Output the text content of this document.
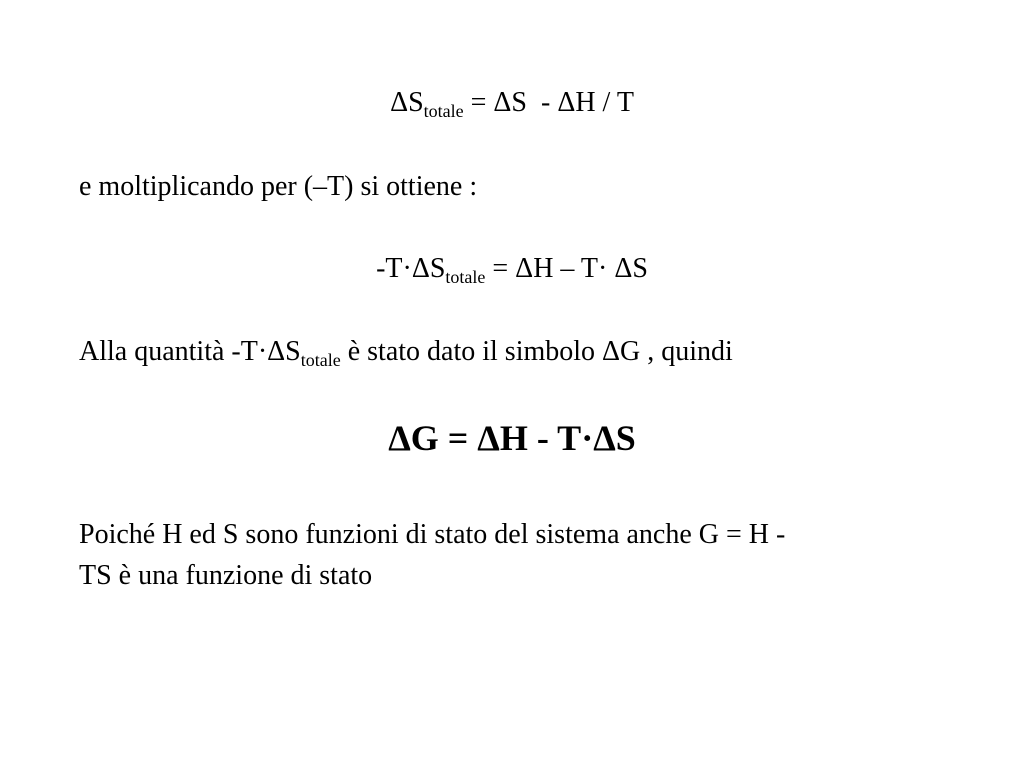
$\Delta S_{totale} = \Delta S - \Delta H / T$
e moltiplicando per (–T) si ottiene :
$-T\cdot\Delta S_{totale} = \Delta H - T\cdot \Delta S$
Alla quantità $-T\cdot\Delta S_{totale}$ è stato dato il simbolo ΔG , quindi
ΔG = ΔH - T·ΔS
Poiché H ed S sono funzioni di stato del sistema anche G = H -
TS è una funzione di stato
